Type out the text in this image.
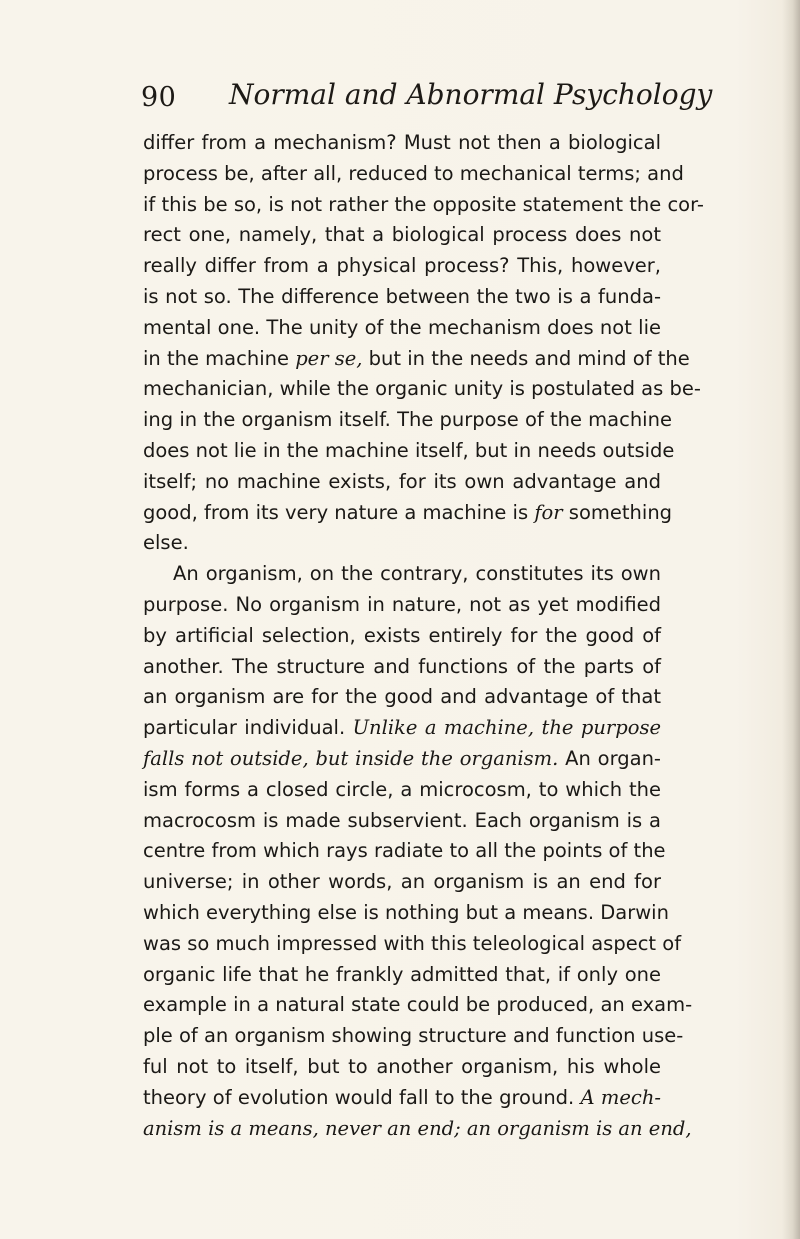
90 Normal and Abnormal Psychology
differ from a mechanism? Must not then a biological
process be, after all, reduced to mechanical terms; and
if this be so, is not rather the opposite statement the cor-
rect one, namely, that a biological process does not
really differ from a physical process? This, however,
is not so. The difference between the two is a funda-
mental one. The unity of the mechanism does not lie
in the machine per se, but in the needs and mind of the
mechanician, while the organic unity is postulated as be-
ing in the organism itself. The purpose of the machine
does not lie in the machine itself, but in needs outside
itself; no machine exists, for its own advantage and
good, from its very nature a machine is for something
else.
An organism, on the contrary, constitutes its own
purpose. No organism in nature, not as yet modified
by artificial selection, exists entirely for the good of
another. The structure and functions of the parts of
an organism are for the good and advantage of that
particular individual. Unlike a machine, the purpose
falls not outside, but inside the organism. An organ-
ism forms a closed circle, a microcosm, to which the
macrocosm is made subservient. Each organism is a
centre from which rays radiate to all the points of the
universe; in other words, an organism is an end for
which everything else is nothing but a means. Darwin
was so much impressed with this teleological aspect of
organic life that he frankly admitted that, if only one
example in a natural state could be produced, an exam-
ple of an organism showing structure and function use-
ful not to itself, but to another organism, his whole
theory of evolution would fall to the ground. A mech-
anism is a means, never an end; an organism is an end,
